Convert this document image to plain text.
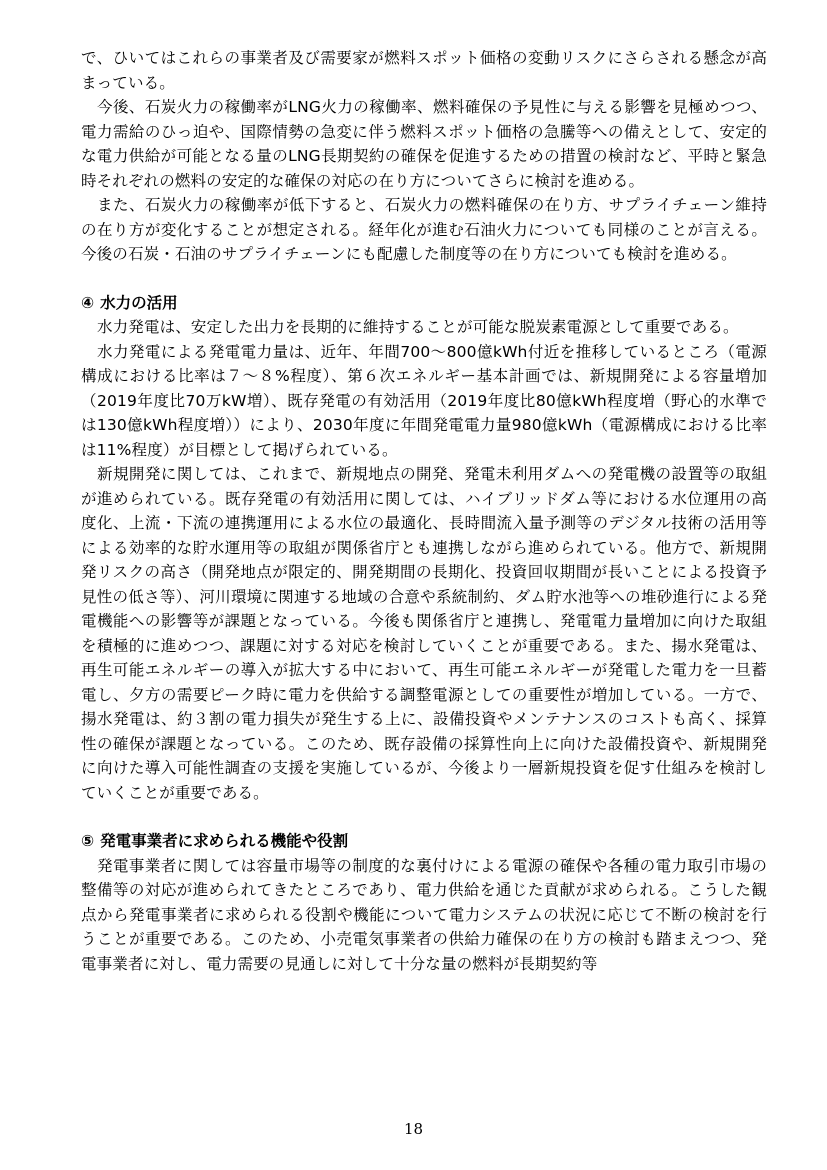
で、ひいてはこれらの事業者及び需要家が燃料スポット価格の変動リスクにさらされる懸念が高まっている。

今後、石炭火力の稼働率がLNG火力の稼働率、燃料確保の予見性に与える影響を見極めつつ、電力需給のひっ迫や、国際情勢の急変に伴う燃料スポット価格の急騰等への備えとして、安定的な電力供給が可能となる量のLNG長期契約の確保を促進するための措置の検討など、平時と緊急時それぞれの燃料の安定的な確保の対応の在り方についてさらに検討を進める。

また、石炭火力の稼働率が低下すると、石炭火力の燃料確保の在り方、サプライチェーン維持の在り方が変化することが想定される。経年化が進む石油火力についても同様のことが言える。今後の石炭・石油のサプライチェーンにも配慮した制度等の在り方についても検討を進める。

④ 水力の活用

水力発電は、安定した出力を長期的に維持することが可能な脱炭素電源として重要である。

水力発電による発電電力量は、近年、年間700～800億kWh付近を推移しているところ（電源構成における比率は７～８%程度）、第６次エネルギー基本計画では、新規開発による容量増加（2019年度比70万kW増）、既存発電の有効活用（2019年度比80億kWh程度増（野心的水準では130億kWh程度増））により、2030年度に年間発電電力量980億kWh（電源構成における比率は11%程度）が目標として掲げられている。

新規開発に関しては、これまで、新規地点の開発、発電未利用ダムへの発電機の設置等の取組が進められている。既存発電の有効活用に関しては、ハイブリッドダム等における水位運用の高度化、上流・下流の連携運用による水位の最適化、長時間流入量予測等のデジタル技術の活用等による効率的な貯水運用等の取組が関係省庁とも連携しながら進められている。他方で、新規開発リスクの高さ（開発地点が限定的、開発期間の長期化、投資回収期間が長いことによる投資予見性の低さ等）、河川環境に関連する地域の合意や系統制約、ダム貯水池等への堆砂進行による発電機能への影響等が課題となっている。今後も関係省庁と連携し、発電電力量増加に向けた取組を積極的に進めつつ、課題に対する対応を検討していくことが重要である。また、揚水発電は、再生可能エネルギーの導入が拡大する中において、再生可能エネルギーが発電した電力を一旦蓄電し、夕方の需要ピーク時に電力を供給する調整電源としての重要性が増加している。一方で、揚水発電は、約３割の電力損失が発生する上に、設備投資やメンテナンスのコストも高く、採算性の確保が課題となっている。このため、既存設備の採算性向上に向けた設備投資や、新規開発に向けた導入可能性調査の支援を実施しているが、今後より一層新規投資を促す仕組みを検討していくことが重要である。

⑤ 発電事業者に求められる機能や役割

発電事業者に関しては容量市場等の制度的な裏付けによる電源の確保や各種の電力取引市場の整備等の対応が進められてきたところであり、電力供給を通じた貢献が求められる。こうした観点から発電事業者に求められる役割や機能について電力システムの状況に応じて不断の検討を行うことが重要である。このため、小売電気事業者の供給力確保の在り方の検討も踏まえつつ、発電事業者に対し、電力需要の見通しに対して十分な量の燃料が長期契約等

18
